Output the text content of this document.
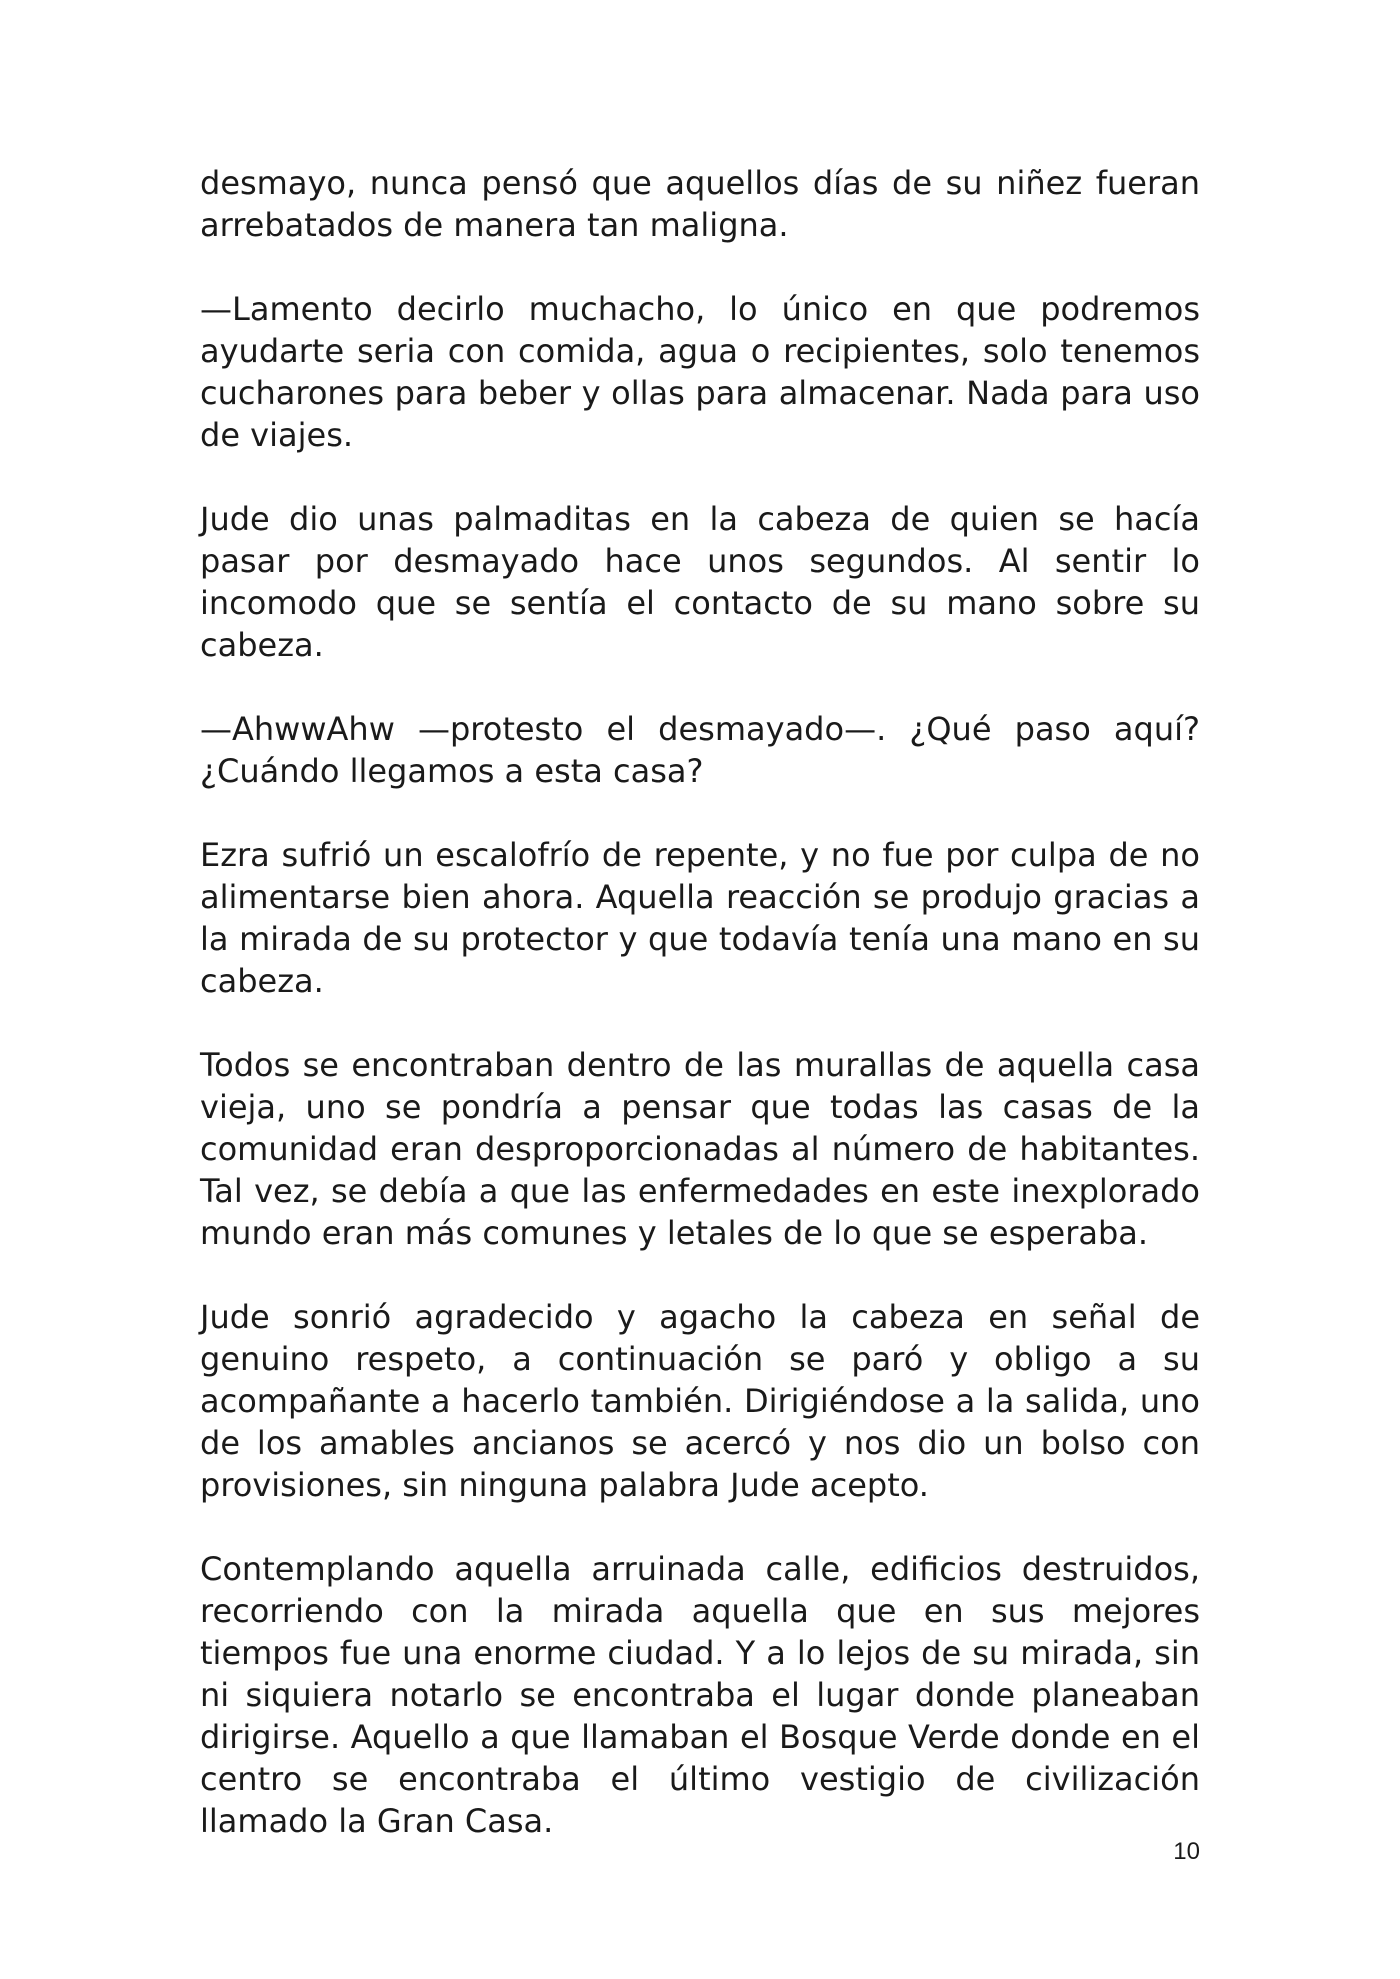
desmayo, nunca pensó que aquellos días de su niñez fueran arrebatados de manera tan maligna.

—Lamento decirlo muchacho, lo único en que podremos ayudarte seria con comida, agua o recipientes, solo tenemos cucharones para beber y ollas para almacenar. Nada para uso de viajes.

Jude dio unas palmaditas en la cabeza de quien se hacía pasar por desmayado hace unos segundos. Al sentir lo incomodo que se sentía el contacto de su mano sobre su cabeza.

—AhwwAhw —protesto el desmayado—. ¿Qué paso aquí? ¿Cuándo llegamos a esta casa?

Ezra sufrió un escalofrío de repente, y no fue por culpa de no alimentarse bien ahora. Aquella reacción se produjo gracias a la mirada de su protector y que todavía tenía una mano en su cabeza.

Todos se encontraban dentro de las murallas de aquella casa vieja, uno se pondría a pensar que todas las casas de la comunidad eran desproporcionadas al número de habitantes. Tal vez, se debía a que las enfermedades en este inexplorado mundo eran más comunes y letales de lo que se esperaba.

Jude sonrió agradecido y agacho la cabeza en señal de genuino respeto, a continuación se paró y obligo a su acompañante a hacerlo también. Dirigiéndose a la salida, uno de los amables ancianos se acercó y nos dio un bolso con provisiones, sin ninguna palabra Jude acepto.

Contemplando aquella arruinada calle, edificios destruidos, recorriendo con la mirada aquella que en sus mejores tiempos fue una enorme ciudad. Y a lo lejos de su mirada, sin ni siquiera notarlo se encontraba el lugar donde planeaban dirigirse. Aquello a que llamaban el Bosque Verde donde en el centro se encontraba el último vestigio de civilización llamado la Gran Casa.

10
